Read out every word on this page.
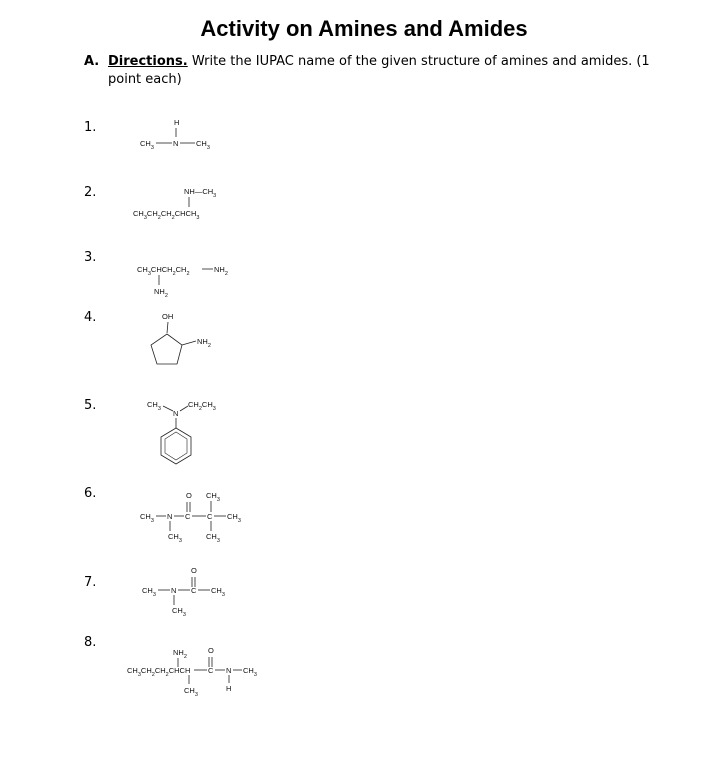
Activity on Amines and Amides
A. Directions. Write the IUPAC name of the given structure of amines and amides. (1
point each)
1.
2.
3.
4.
5.
6.
7.
8.
H
$CH_3$	N $CH_3$
$NH—CH_3$
$CH_3CH_2CH_2CHCH_3$
$CH_3CHCH_2CH_2$	$NH_2$
$NH_2$
OH
$NH_2$
$CH_3$ N
$CH_2CH_3$
O $CH_3$
$CH_3$ N C C $CH_3$
$CH_3$	$CH_3$
O
$CH_3$ N C $CH_3$
$CH_3$
$NH_2$
O
$CH_3CH_2CH_2CHCH$ C N $CH_3$
$CH_3$
H
